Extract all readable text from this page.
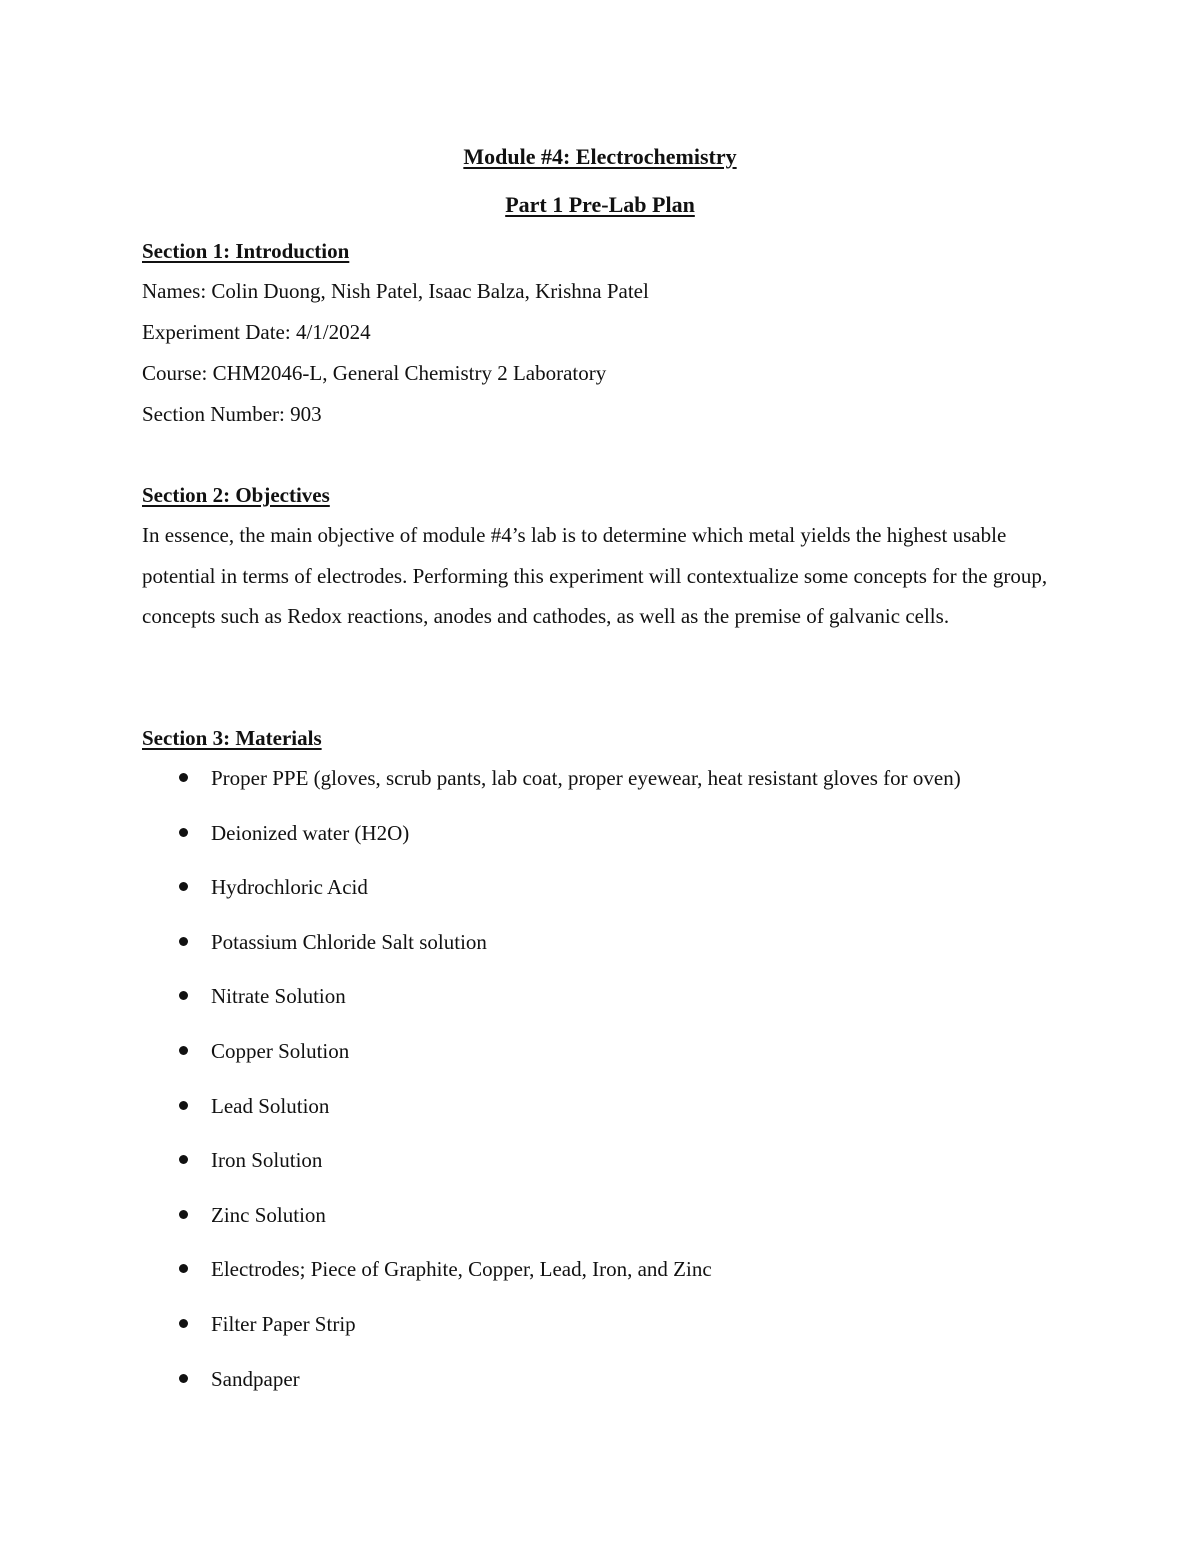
Module #4: Electrochemistry
Part 1 Pre-Lab Plan

Section 1: Introduction

Names: Colin Duong, Nish Patel, Isaac Balza, Krishna Patel

Experiment Date: 4/1/2024

Course: CHM2046-L, General Chemistry 2 Laboratory

Section Number: 903

Section 2: Objectives

In essence, the main objective of module #4’s lab is to determine which metal yields the highest usable potential in terms of electrodes. Performing this experiment will contextualize some concepts for the group, concepts such as Redox reactions, anodes and cathodes, as well as the premise of galvanic cells.

Section 3: Materials

Proper PPE (gloves, scrub pants, lab coat, proper eyewear, heat resistant gloves for oven)
Deionized water (H2O)
Hydrochloric Acid
Potassium Chloride Salt solution
Nitrate Solution
Copper Solution
Lead Solution
Iron Solution
Zinc Solution
Electrodes; Piece of Graphite, Copper, Lead, Iron, and Zinc
Filter Paper Strip
Sandpaper
